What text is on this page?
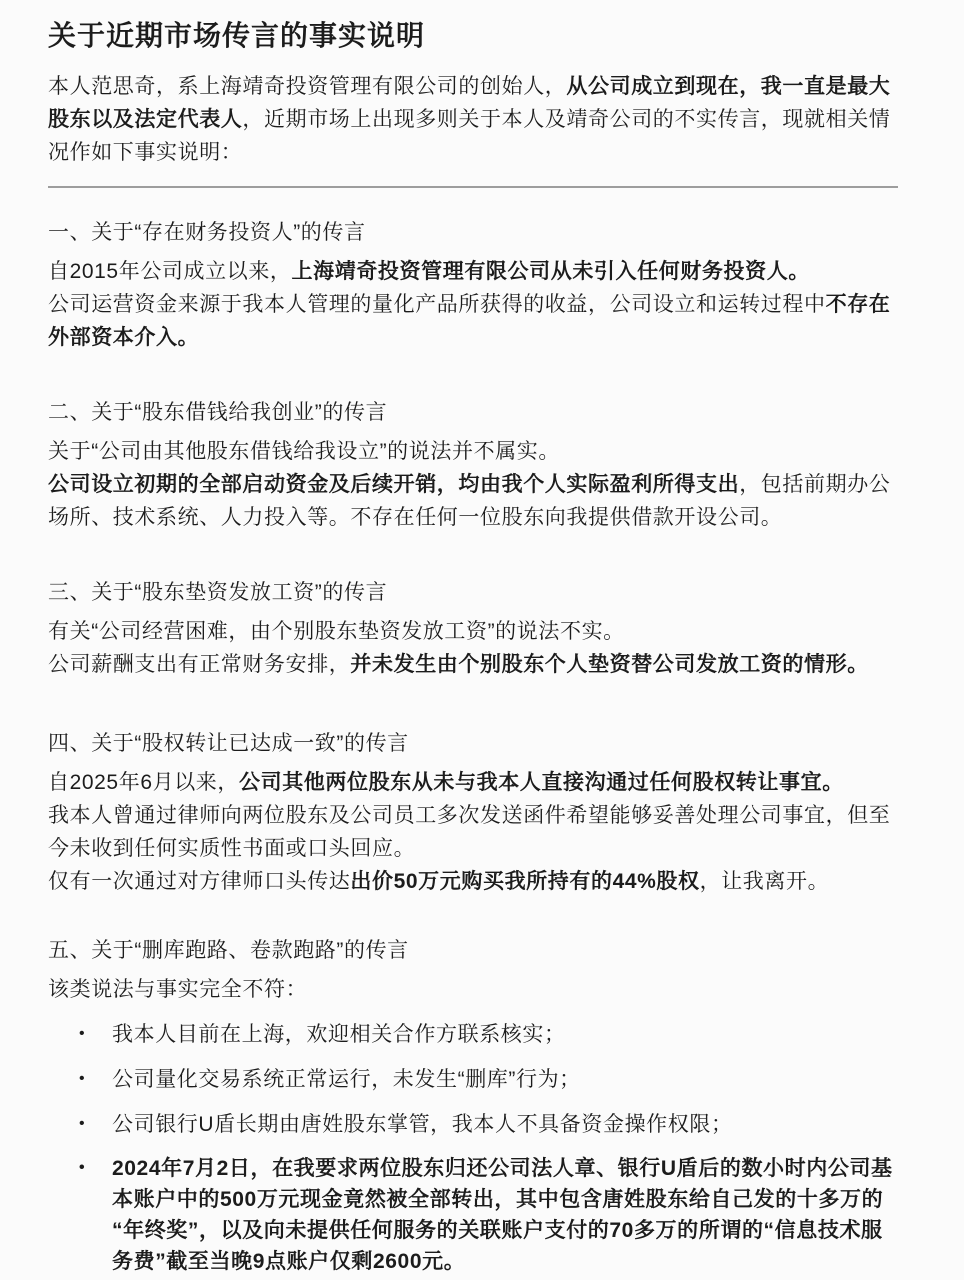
关于近期市场传言的事实说明

本人范思奇，系上海靖奇投资管理有限公司的创始人，从公司成立到现在，我一直是最大股东以及法定代表人，近期市场上出现多则关于本人及靖奇公司的不实传言，现就相关情况作如下事实说明：

一、关于“存在财务投资人”的传言

自2015年公司成立以来，上海靖奇投资管理有限公司从未引入任何财务投资人。
公司运营资金来源于我本人管理的量化产品所获得的收益，公司设立和运转过程中不存在外部资本介入。

二、关于“股东借钱给我创业”的传言

关于“公司由其他股东借钱给我设立”的说法并不属实。
公司设立初期的全部启动资金及后续开销，均由我个人实际盈利所得支出，包括前期办公场所、技术系统、人力投入等。不存在任何一位股东向我提供借款开设公司。

三、关于“股东垫资发放工资”的传言

有关“公司经营困难，由个别股东垫资发放工资”的说法不实。
公司薪酬支出有正常财务安排，并未发生由个别股东个人垫资替公司发放工资的情形。

四、关于“股权转让已达成一致”的传言

自2025年6月以来，公司其他两位股东从未与我本人直接沟通过任何股权转让事宜。
我本人曾通过律师向两位股东及公司员工多次发送函件希望能够妥善处理公司事宜，但至今未收到任何实质性书面或口头回应。
仅有一次通过对方律师口头传达出价50万元购买我所持有的44%股权，让我离开。

五、关于“删库跑路、卷款跑路”的传言

该类说法与事实完全不符：

• 我本人目前在上海，欢迎相关合作方联系核实；
• 公司量化交易系统正常运行，未发生“删库”行为；
• 公司银行U盾长期由唐姓股东掌管，我本人不具备资金操作权限；
• 2024年7月2日，在我要求两位股东归还公司法人章、银行U盾后的数小时内公司基本账户中的500万元现金竟然被全部转出，其中包含唐姓股东给自己发的十多万的“年终奖”，以及向未提供任何服务的关联账户支付的70多万的所谓的“信息技术服务费”截至当晚9点账户仅剩2600元。
